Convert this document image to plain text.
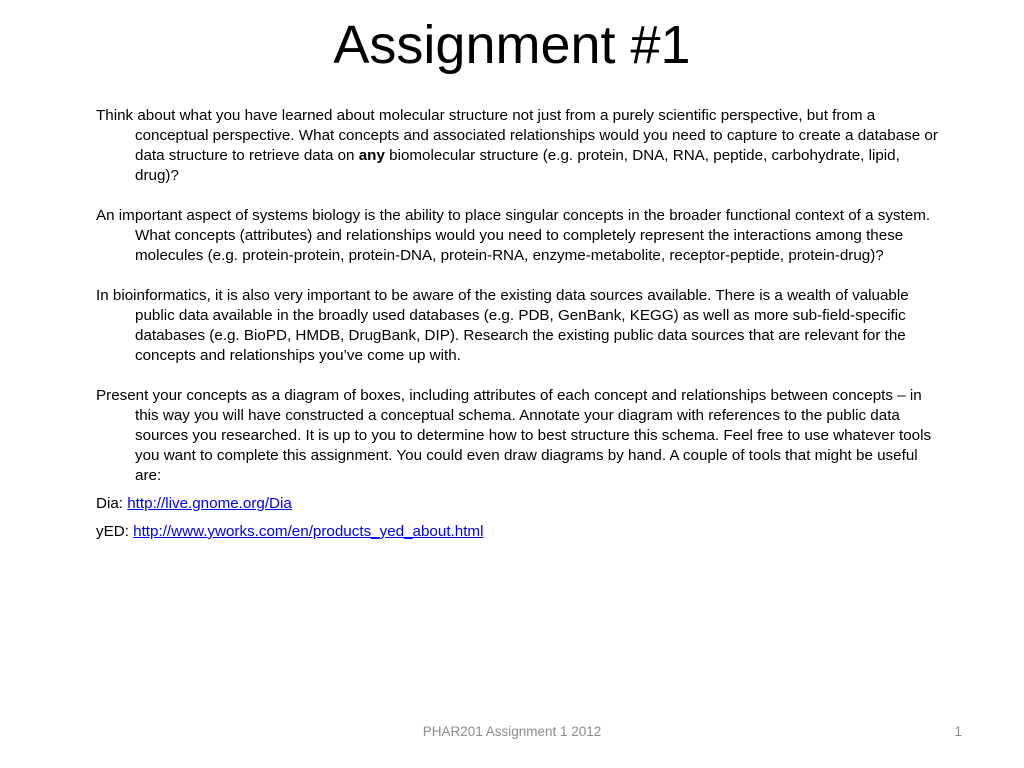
Assignment #1

Think about what you have learned about molecular structure not just from a purely scientific perspective, but from a conceptual perspective. What concepts and associated relationships would you need to capture to create a database or data structure to retrieve data on any biomolecular structure (e.g. protein, DNA, RNA, peptide, carbohydrate, lipid, drug)?

An important aspect of systems biology is the ability to place singular concepts in the broader functional context of a system. What concepts (attributes) and relationships would you need to completely represent the interactions among these molecules (e.g. protein-protein, protein-DNA, protein-RNA, enzyme-metabolite, receptor-peptide, protein-drug)?

In bioinformatics, it is also very important to be aware of the existing data sources available. There is a wealth of valuable public data available in the broadly used databases (e.g. PDB, GenBank, KEGG) as well as more sub-field-specific databases (e.g. BioPD, HMDB, DrugBank, DIP). Research the existing public data sources that are relevant for the concepts and relationships you’ve come up with.

Present your concepts as a diagram of boxes, including attributes of each concept and relationships between concepts – in this way you will have constructed a conceptual schema. Annotate your diagram with references to the public data sources you researched. It is up to you to determine how to best structure this schema. Feel free to use whatever tools you want to complete this assignment. You could even draw diagrams by hand. A couple of tools that might be useful are:

Dia: http://live.gnome.org/Dia

yED: http://www.yworks.com/en/products_yed_about.html

PHAR201 Assignment 1 2012	1
